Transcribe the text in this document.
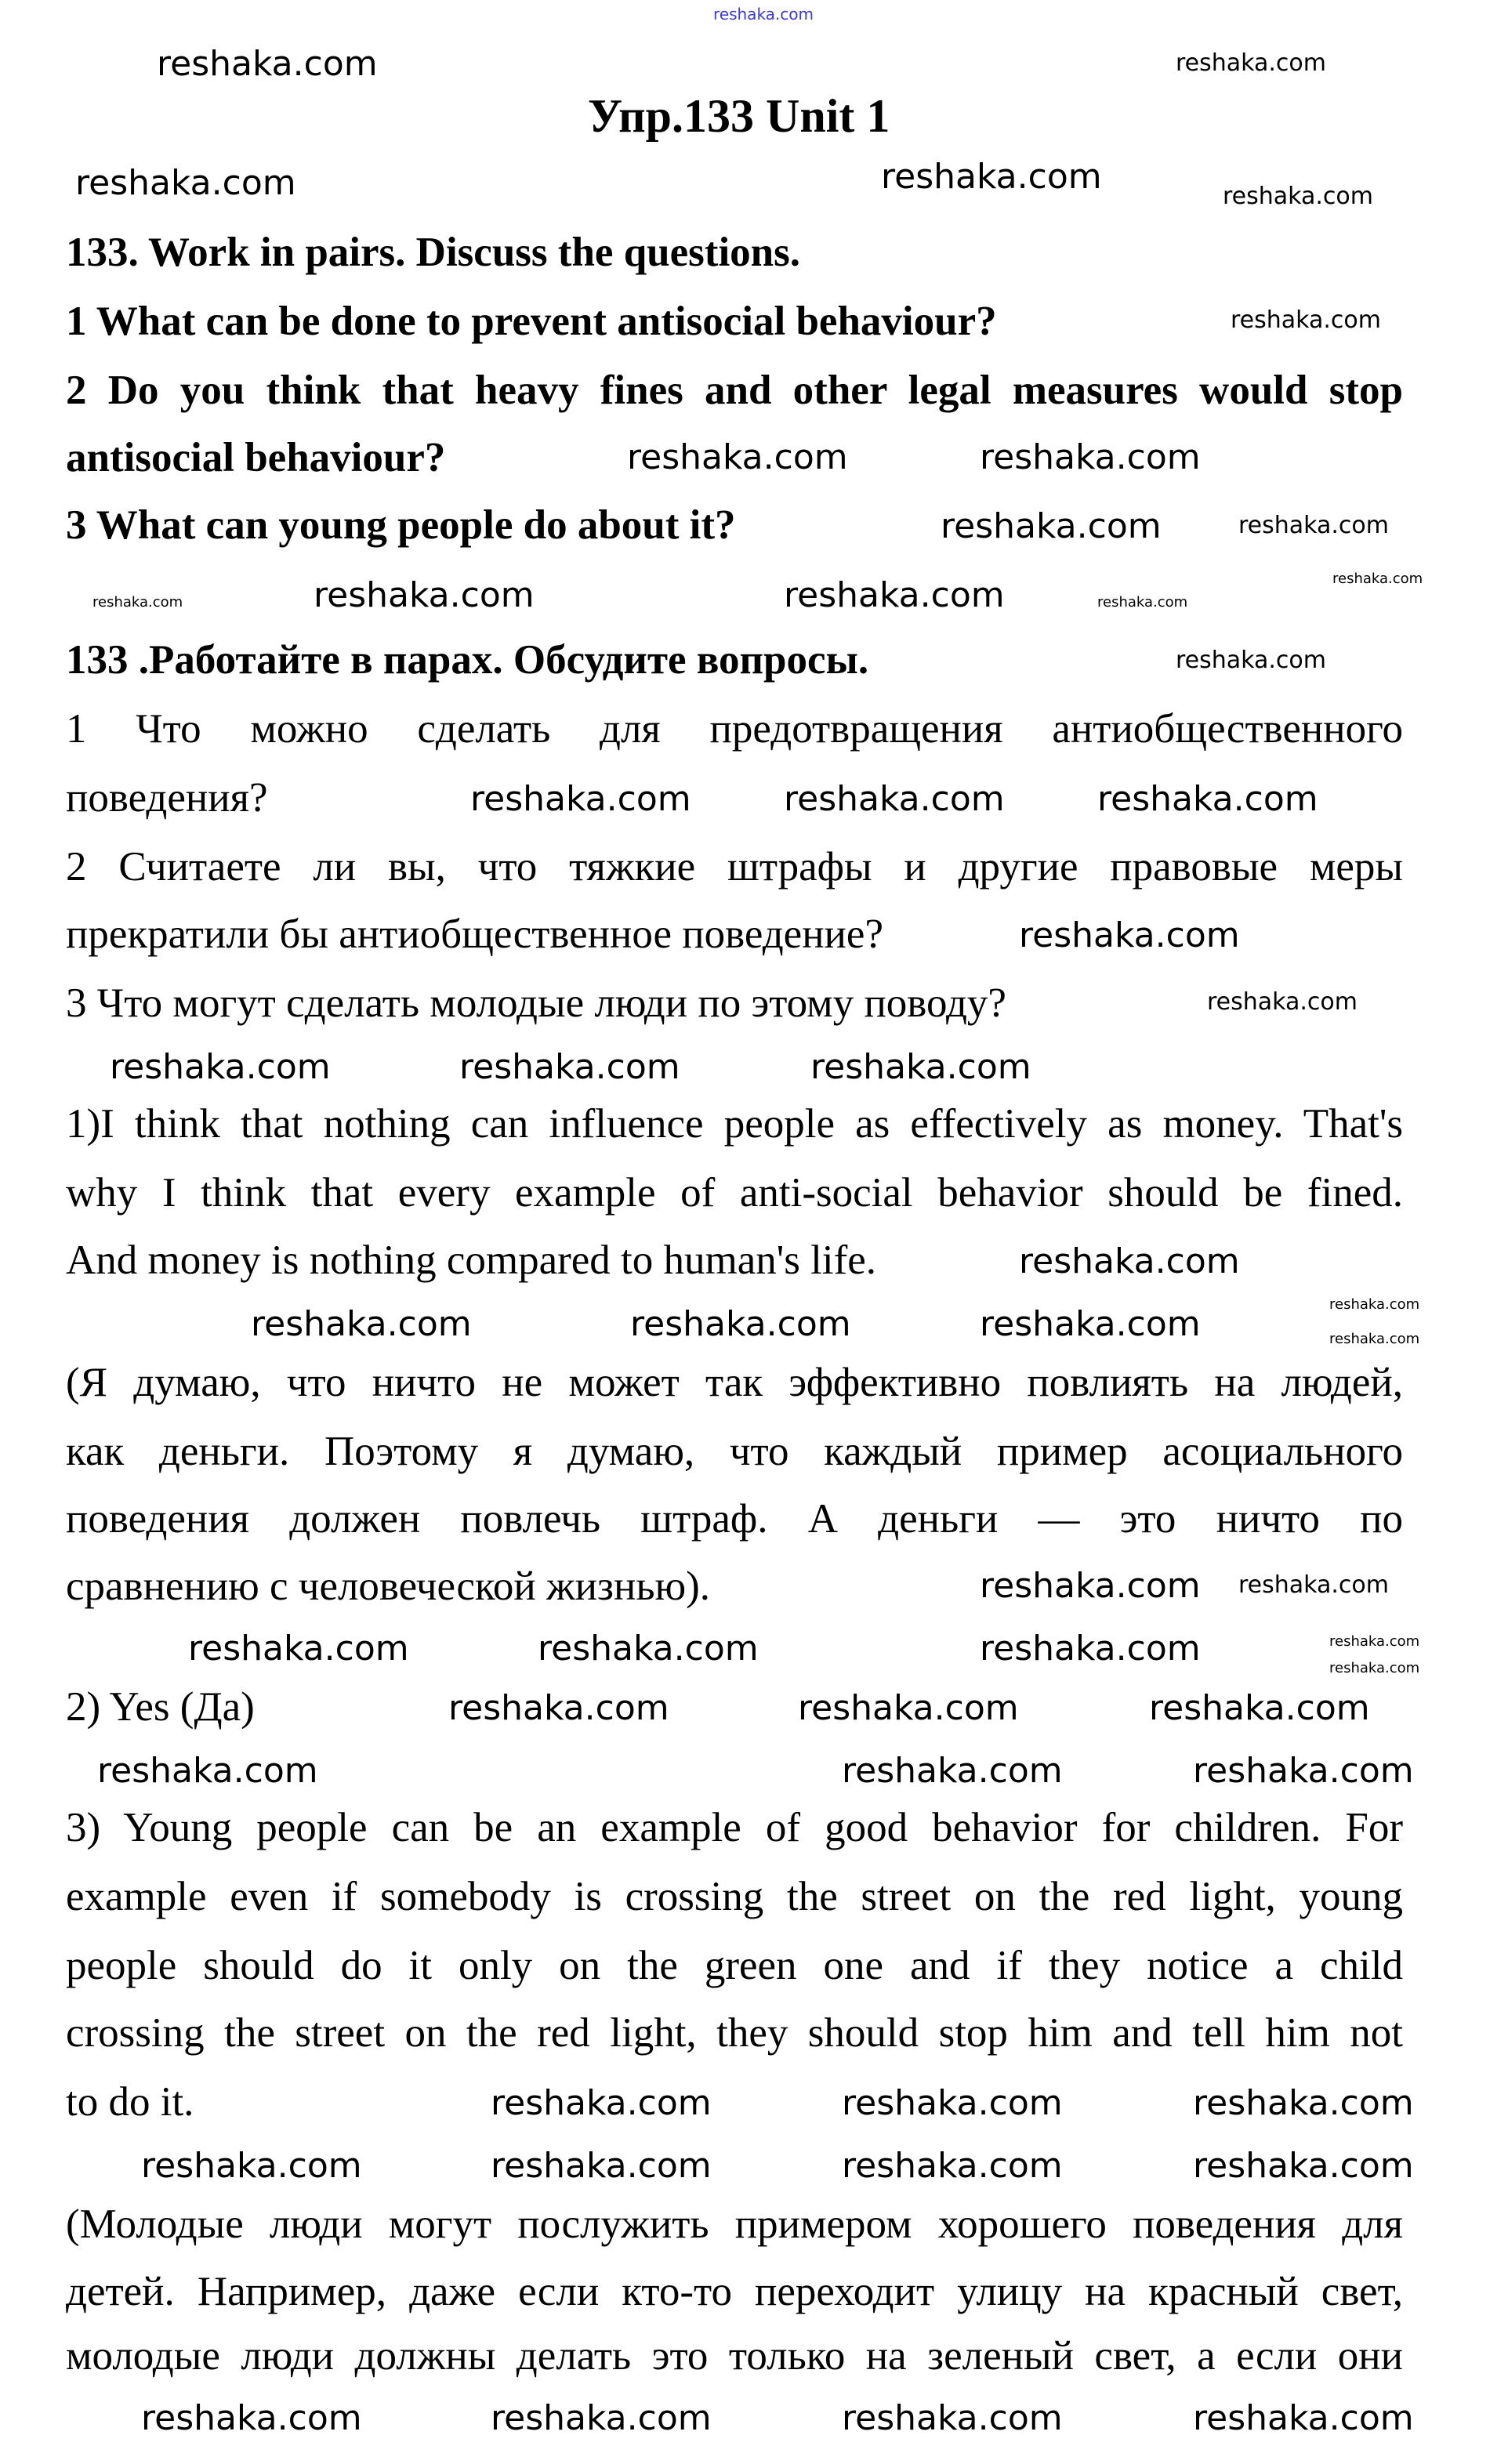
reshaka.com
Упр.133 Unit 1
133. Work in pairs. Discuss the questions.
1 What can be done to prevent antisocial behaviour?
2 Do you think that heavy fines and other legal measures would stop
antisocial behaviour?
3 What can young people do about it?
133 .Работайте в парах. Обсудите вопросы.
1 Что можно сделать для предотвращения антиобщественного
поведения?
2 Считаете ли вы, что тяжкие штрафы и другие правовые меры
прекратили бы антиобщественное поведение?
3 Что могут сделать молодые люди по этому поводу?
1)I think that nothing can influence people as effectively as money. That's
why I think that every example of anti-social behavior should be fined.
And money is nothing compared to human's life.
(Я думаю, что ничто не может так эффективно повлиять на людей,
как деньги. Поэтому я думаю, что каждый пример асоциального
поведения должен повлечь штраф. А деньги — это ничто по
сравнению с человеческой жизнью).
2) Yes (Да)
3) Young people can be an example of good behavior for children. For
example even if somebody is crossing the street on the red light, young
people should do it only on the green one and if they notice a child
crossing the street on the red light, they should stop him and tell him not
to do it.
(Молодые люди могут послужить примером хорошего поведения для
детей. Например, даже если кто-то переходит улицу на красный свет,
молодые люди должны делать это только на зеленый свет, а если они
reshaka.com	reshaka.com
reshaka.com	reshaka.com	reshaka.com
reshaka.com
reshaka.com	reshaka.com
reshaka.com	reshaka.com
reshaka.com	reshaka.com
reshaka.com	reshaka.com
reshaka.com
reshaka.com
reshaka.com	reshaka.com	reshaka.com
reshaka.com
reshaka.com
reshaka.com	reshaka.com	reshaka.com
reshaka.com
reshaka.com	reshaka.com	reshaka.com	reshaka.com
reshaka.com
reshaka.com reshaka.com
reshaka.com	reshaka.com	reshaka.com	reshaka.com
reshaka.com
reshaka.com	reshaka.com	reshaka.com
reshaka.com	reshaka.com	reshaka.com
reshaka.com	reshaka.com	reshaka.com
reshaka.com	reshaka.com	reshaka.com	reshaka.com
reshaka.com	reshaka.com	reshaka.com	reshaka.com
